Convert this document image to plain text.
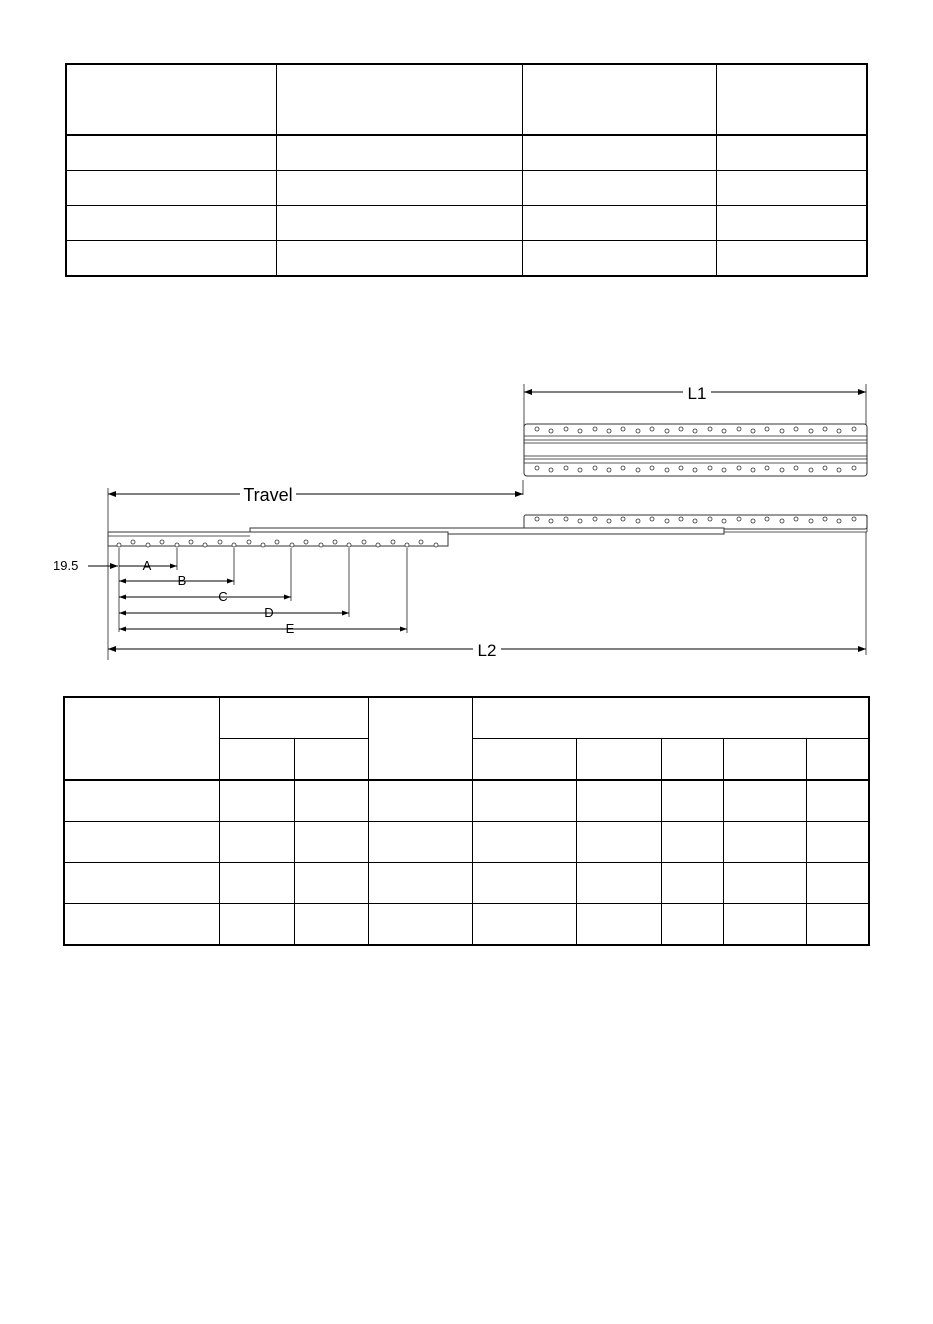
L1
Travel
19.5	A
B
C
D
E
L2
